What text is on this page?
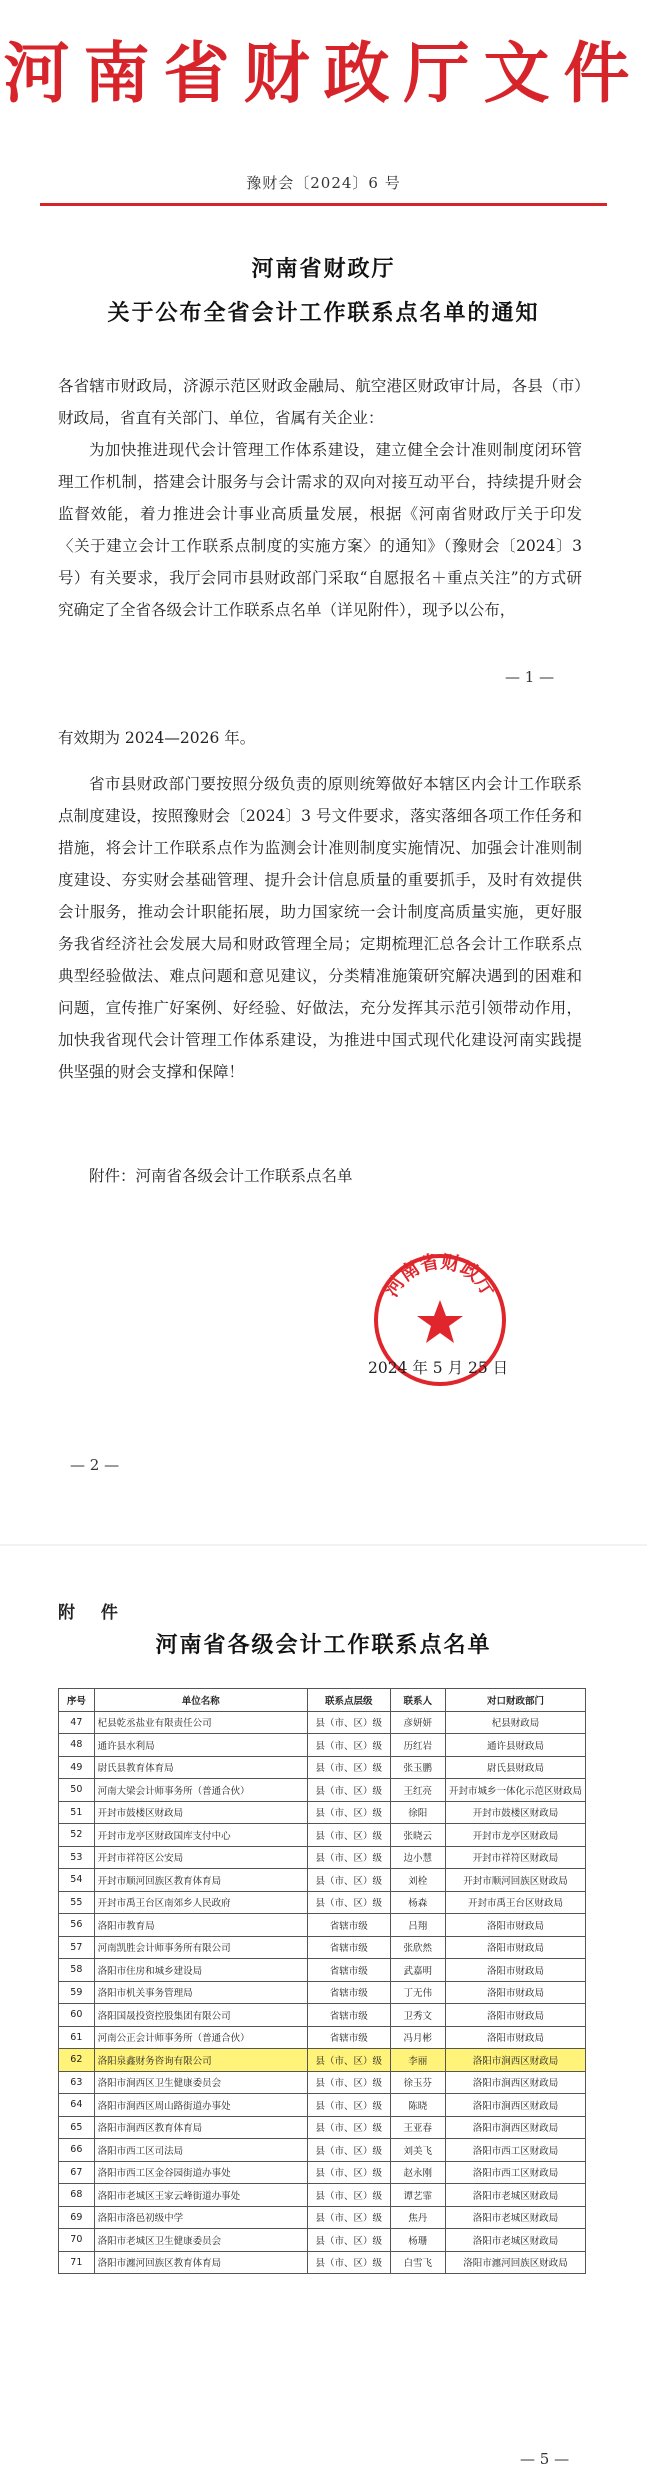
河南省财政厅文件
豫财会〔2024〕6 号
河南省财政厅
关于公布全省会计工作联系点名单的通知
各省辖市财政局，济源示范区财政金融局、航空港区财政审计局，各县（市）财政局，省直有关部门、单位，省属有关企业：
为加快推进现代会计管理工作体系建设，建立健全会计准则制度闭环管理工作机制，搭建会计服务与会计需求的双向对接互动平台，持续提升财会监督效能，着力推进会计事业高质量发展，根据《河南省财政厅关于印发〈关于建立会计工作联系点制度的实施方案〉的通知》（豫财会〔2024〕3 号）有关要求，我厅会同市县财政部门采取“自愿报名＋重点关注”的方式研究确定了全省各级会计工作联系点名单（详见附件），现予以公布，
— 1 —
有效期为 2024—2026 年。
省市县财政部门要按照分级负责的原则统筹做好本辖区内会计工作联系点制度建设，按照豫财会〔2024〕3 号文件要求，落实落细各项工作任务和措施，将会计工作联系点作为监测会计准则制度实施情况、加强会计准则制度建设、夯实财会基础管理、提升会计信息质量的重要抓手，及时有效提供会计服务，推动会计职能拓展，助力国家统一会计制度高质量实施，更好服务我省经济社会发展大局和财政管理全局；定期梳理汇总各会计工作联系点典型经验做法、难点问题和意见建议，分类精准施策研究解决遇到的困难和问题，宣传推广好案例、好经验、好做法，充分发挥其示范引领带动作用，加快我省现代会计管理工作体系建设，为推进中国式现代化建设河南实践提供坚强的财会支撑和保障！
附件：河南省各级会计工作联系点名单
河南省财政厅
2024 年 5 月 25 日
— 2 —
附 件
河南省各级会计工作联系点名单
序号	单位名称	联系点层级	联系人	对口财政部门
47	杞县乾丞盐业有限责任公司	县（市、区）级	彦妍妍	杞县财政局
48	通许县水利局	县（市、区）级	历红岩	通许县财政局
49	尉氏县教育体育局	县（市、区）级	张玉鹏	尉氏县财政局
50	河南大梁会计师事务所（普通合伙）	县（市、区）级	王红亮	开封市城乡一体化示范区财政局
51	开封市鼓楼区财政局	县（市、区）级	徐阳	开封市鼓楼区财政局
52	开封市龙亭区财政国库支付中心	县（市、区）级	张晓云	开封市龙亭区财政局
53	开封市祥符区公安局	县（市、区）级	边小慧	开封市祥符区财政局
54	开封市顺河回族区教育体育局	县（市、区）级	刘栓	开封市顺河回族区财政局
55	开封市禹王台区南郊乡人民政府	县（市、区）级	杨森	开封市禹王台区财政局
56	洛阳市教育局	省辖市级	吕翔	洛阳市财政局
57	河南凯胜会计师事务所有限公司	省辖市级	张欣然	洛阳市财政局
58	洛阳市住房和城乡建设局	省辖市级	武嘉明	洛阳市财政局
59	洛阳市机关事务管理局	省辖市级	丁无伟	洛阳市财政局
60	洛阳国晟投资控股集团有限公司	省辖市级	卫秀文	洛阳市财政局
61	河南公正会计师事务所（普通合伙）	省辖市级	冯月彬	洛阳市财政局
62	洛阳泉鑫财务咨询有限公司	县（市、区）级	李丽	洛阳市涧西区财政局
63	洛阳市涧西区卫生健康委员会	县（市、区）级	徐玉芬	洛阳市涧西区财政局
64	洛阳市涧西区周山路街道办事处	县（市、区）级	陈晓	洛阳市涧西区财政局
65	洛阳市涧西区教育体育局	县（市、区）级	王亚春	洛阳市涧西区财政局
66	洛阳市西工区司法局	县（市、区）级	刘美飞	洛阳市西工区财政局
67	洛阳市西工区金谷园街道办事处	县（市、区）级	赵永刚	洛阳市西工区财政局
68	洛阳市老城区王家云峰街道办事处	县（市、区）级	谭艺霏	洛阳市老城区财政局
69	洛阳市洛邑初级中学	县（市、区）级	焦丹	洛阳市老城区财政局
70	洛阳市老城区卫生健康委员会	县（市、区）级	杨珊	洛阳市老城区财政局
71	洛阳市瀍河回族区教育体育局	县（市、区）级	白雪飞	洛阳市瀍河回族区财政局
— 5 —
